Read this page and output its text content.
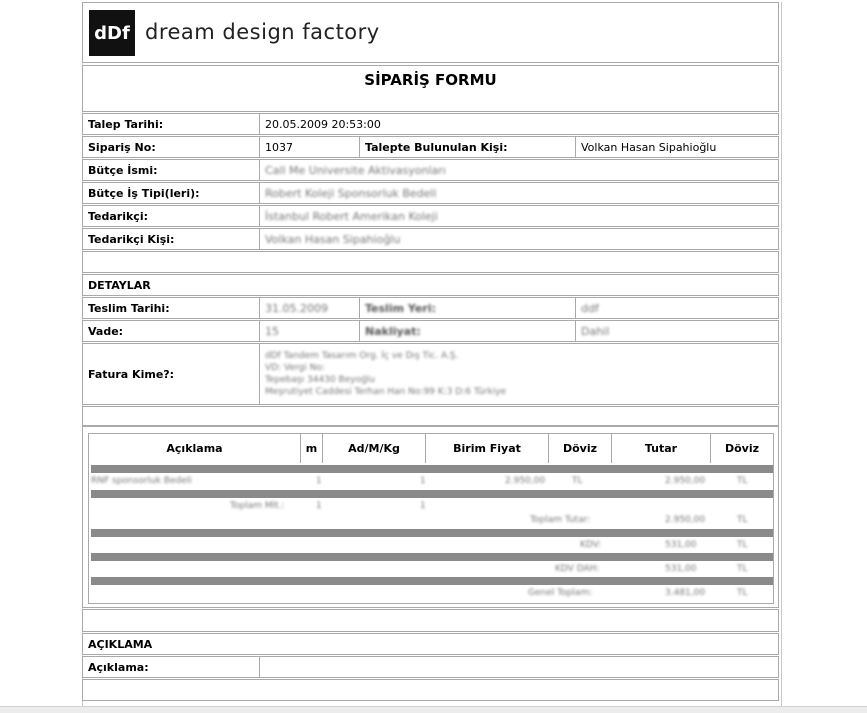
dDf dream design factory
SİPARİŞ FORMU
Talep Tarihi:	20.05.2009 20:53:00
Sipariş No:	1037	Talepte Bulunulan Kişi:	Volkan Hasan Sipahioğlu
Bütçe İsmi:	Call Me Universite Aktivasyonları
Bütçe İş Tipi(leri):	Robert Koleji Sponsorluk Bedeli
Tedarikçi:	İstanbul Robert Amerikan Koleji
Tedarikçi Kişi:	Volkan Hasan Sipahioğlu
DETAYLAR
Teslim Tarihi:	31.05.2009	Teslim Yeri:	ddf
Vade:	15	Nakliyat:	Dahil
Fatura Kime?:
dDf Tandem Tasarım Org. İç ve Dış Tic. A.Ş.
VD: Vergi No:
Tepebaşı 34430 Beyoğlu
Meşrutiyet Caddesi Terhan Han No:99 K:3 D:6 Türkiye
Açıklama	m	Ad/M/Kg	Birim Fiyat	Döviz	Tutar	Döviz
RNF sponsorluk Bedeli	1	1	2.950,00	TL	2.950,00	TL
Toplam Mlt.:	1	1
Toplam Tutar:	2.950,00	TL
KDV:	531,00	TL
KDV DAH:	531,00	TL
Genel Toplam:	3.481,00	TL
AÇIKLAMA
Açıklama:
